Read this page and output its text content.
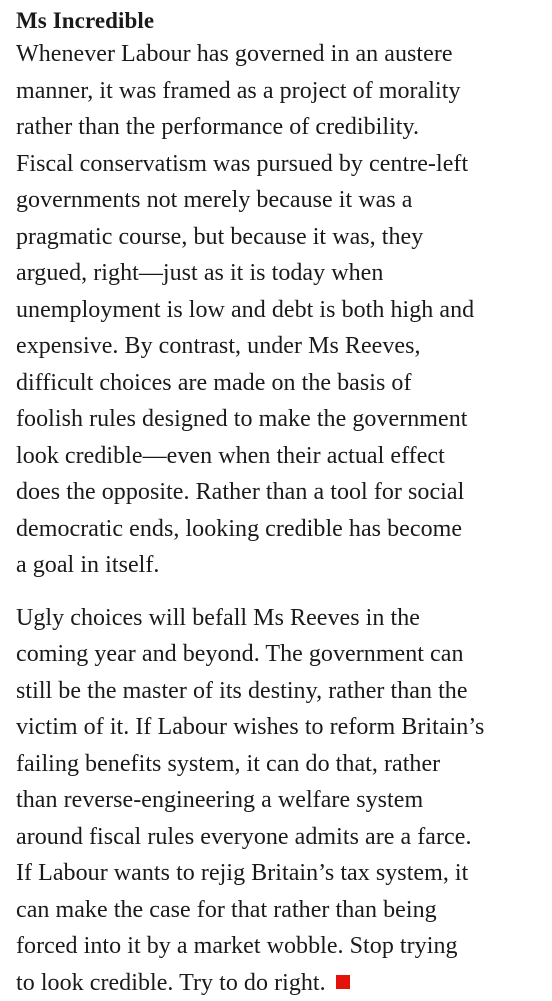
Ms Incredible

Whenever Labour has governed in an austere
manner, it was framed as a project of morality
rather than the performance of credibility.
Fiscal conservatism was pursued by centre-left
governments not merely because it was a
pragmatic course, but because it was, they
argued, right—just as it is today when
unemployment is low and debt is both high and
expensive. By contrast, under Ms Reeves,
difficult choices are made on the basis of
foolish rules designed to make the government
look credible—even when their actual effect
does the opposite. Rather than a tool for social
democratic ends, looking credible has become
a goal in itself.

Ugly choices will befall Ms Reeves in the
coming year and beyond. The government can
still be the master of its destiny, rather than the
victim of it. If Labour wishes to reform Britain’s
failing benefits system, it can do that, rather
than reverse-engineering a welfare system
around fiscal rules everyone admits are a farce.
If Labour wants to rejig Britain’s tax system, it
can make the case for that rather than being
forced into it by a market wobble. Stop trying
to look credible. Try to do right.
